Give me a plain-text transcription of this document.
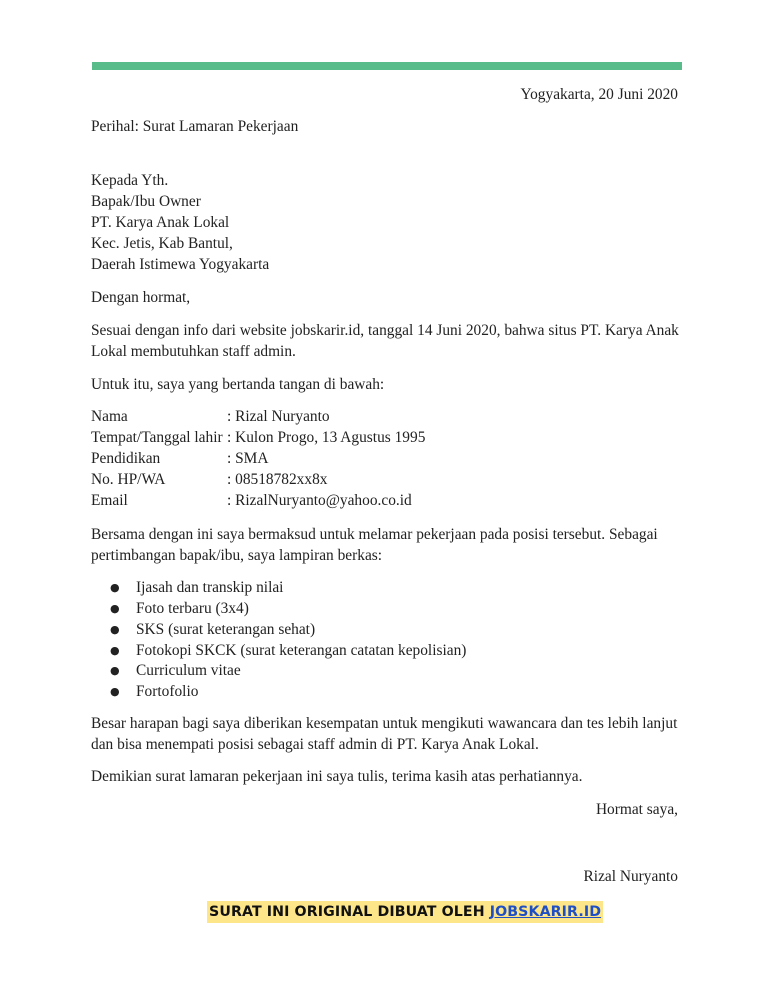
Yogyakarta, 20 Juni 2020
Perihal: Surat Lamaran Pekerjaan
Kepada Yth.
Bapak/Ibu Owner
PT. Karya Anak Lokal
Kec. Jetis, Kab Bantul,
Daerah Istimewa Yogyakarta
Dengan hormat,
Sesuai dengan info dari website jobskarir.id, tanggal 14 Juni 2020, bahwa situs PT. Karya Anak
Lokal membutuhkan staff admin.
Untuk itu, saya yang bertanda tangan di bawah:
Nama	: Rizal Nuryanto
Tempat/Tanggal lahir : Kulon Progo, 13 Agustus 1995
Pendidikan	: SMA
No. HP/WA	: 08518782xx8x
Email	: RizalNuryanto@yahoo.co.id
Bersama dengan ini saya bermaksud untuk melamar pekerjaan pada posisi tersebut. Sebagai
pertimbangan bapak/ibu, saya lampiran berkas:
● Ijasah dan transkip nilai
● Foto terbaru (3x4)
● SKS (surat keterangan sehat)
● Fotokopi SKCK (surat keterangan catatan kepolisian)
● Curriculum vitae
● Fortofolio
Besar harapan bagi saya diberikan kesempatan untuk mengikuti wawancara dan tes lebih lanjut
dan bisa menempati posisi sebagai staff admin di PT. Karya Anak Lokal.
Demikian surat lamaran pekerjaan ini saya tulis, terima kasih atas perhatiannya.
Hormat saya,
Rizal Nuryanto
SURAT INI ORIGINAL DIBUAT OLEH JOBSKARIR.ID
